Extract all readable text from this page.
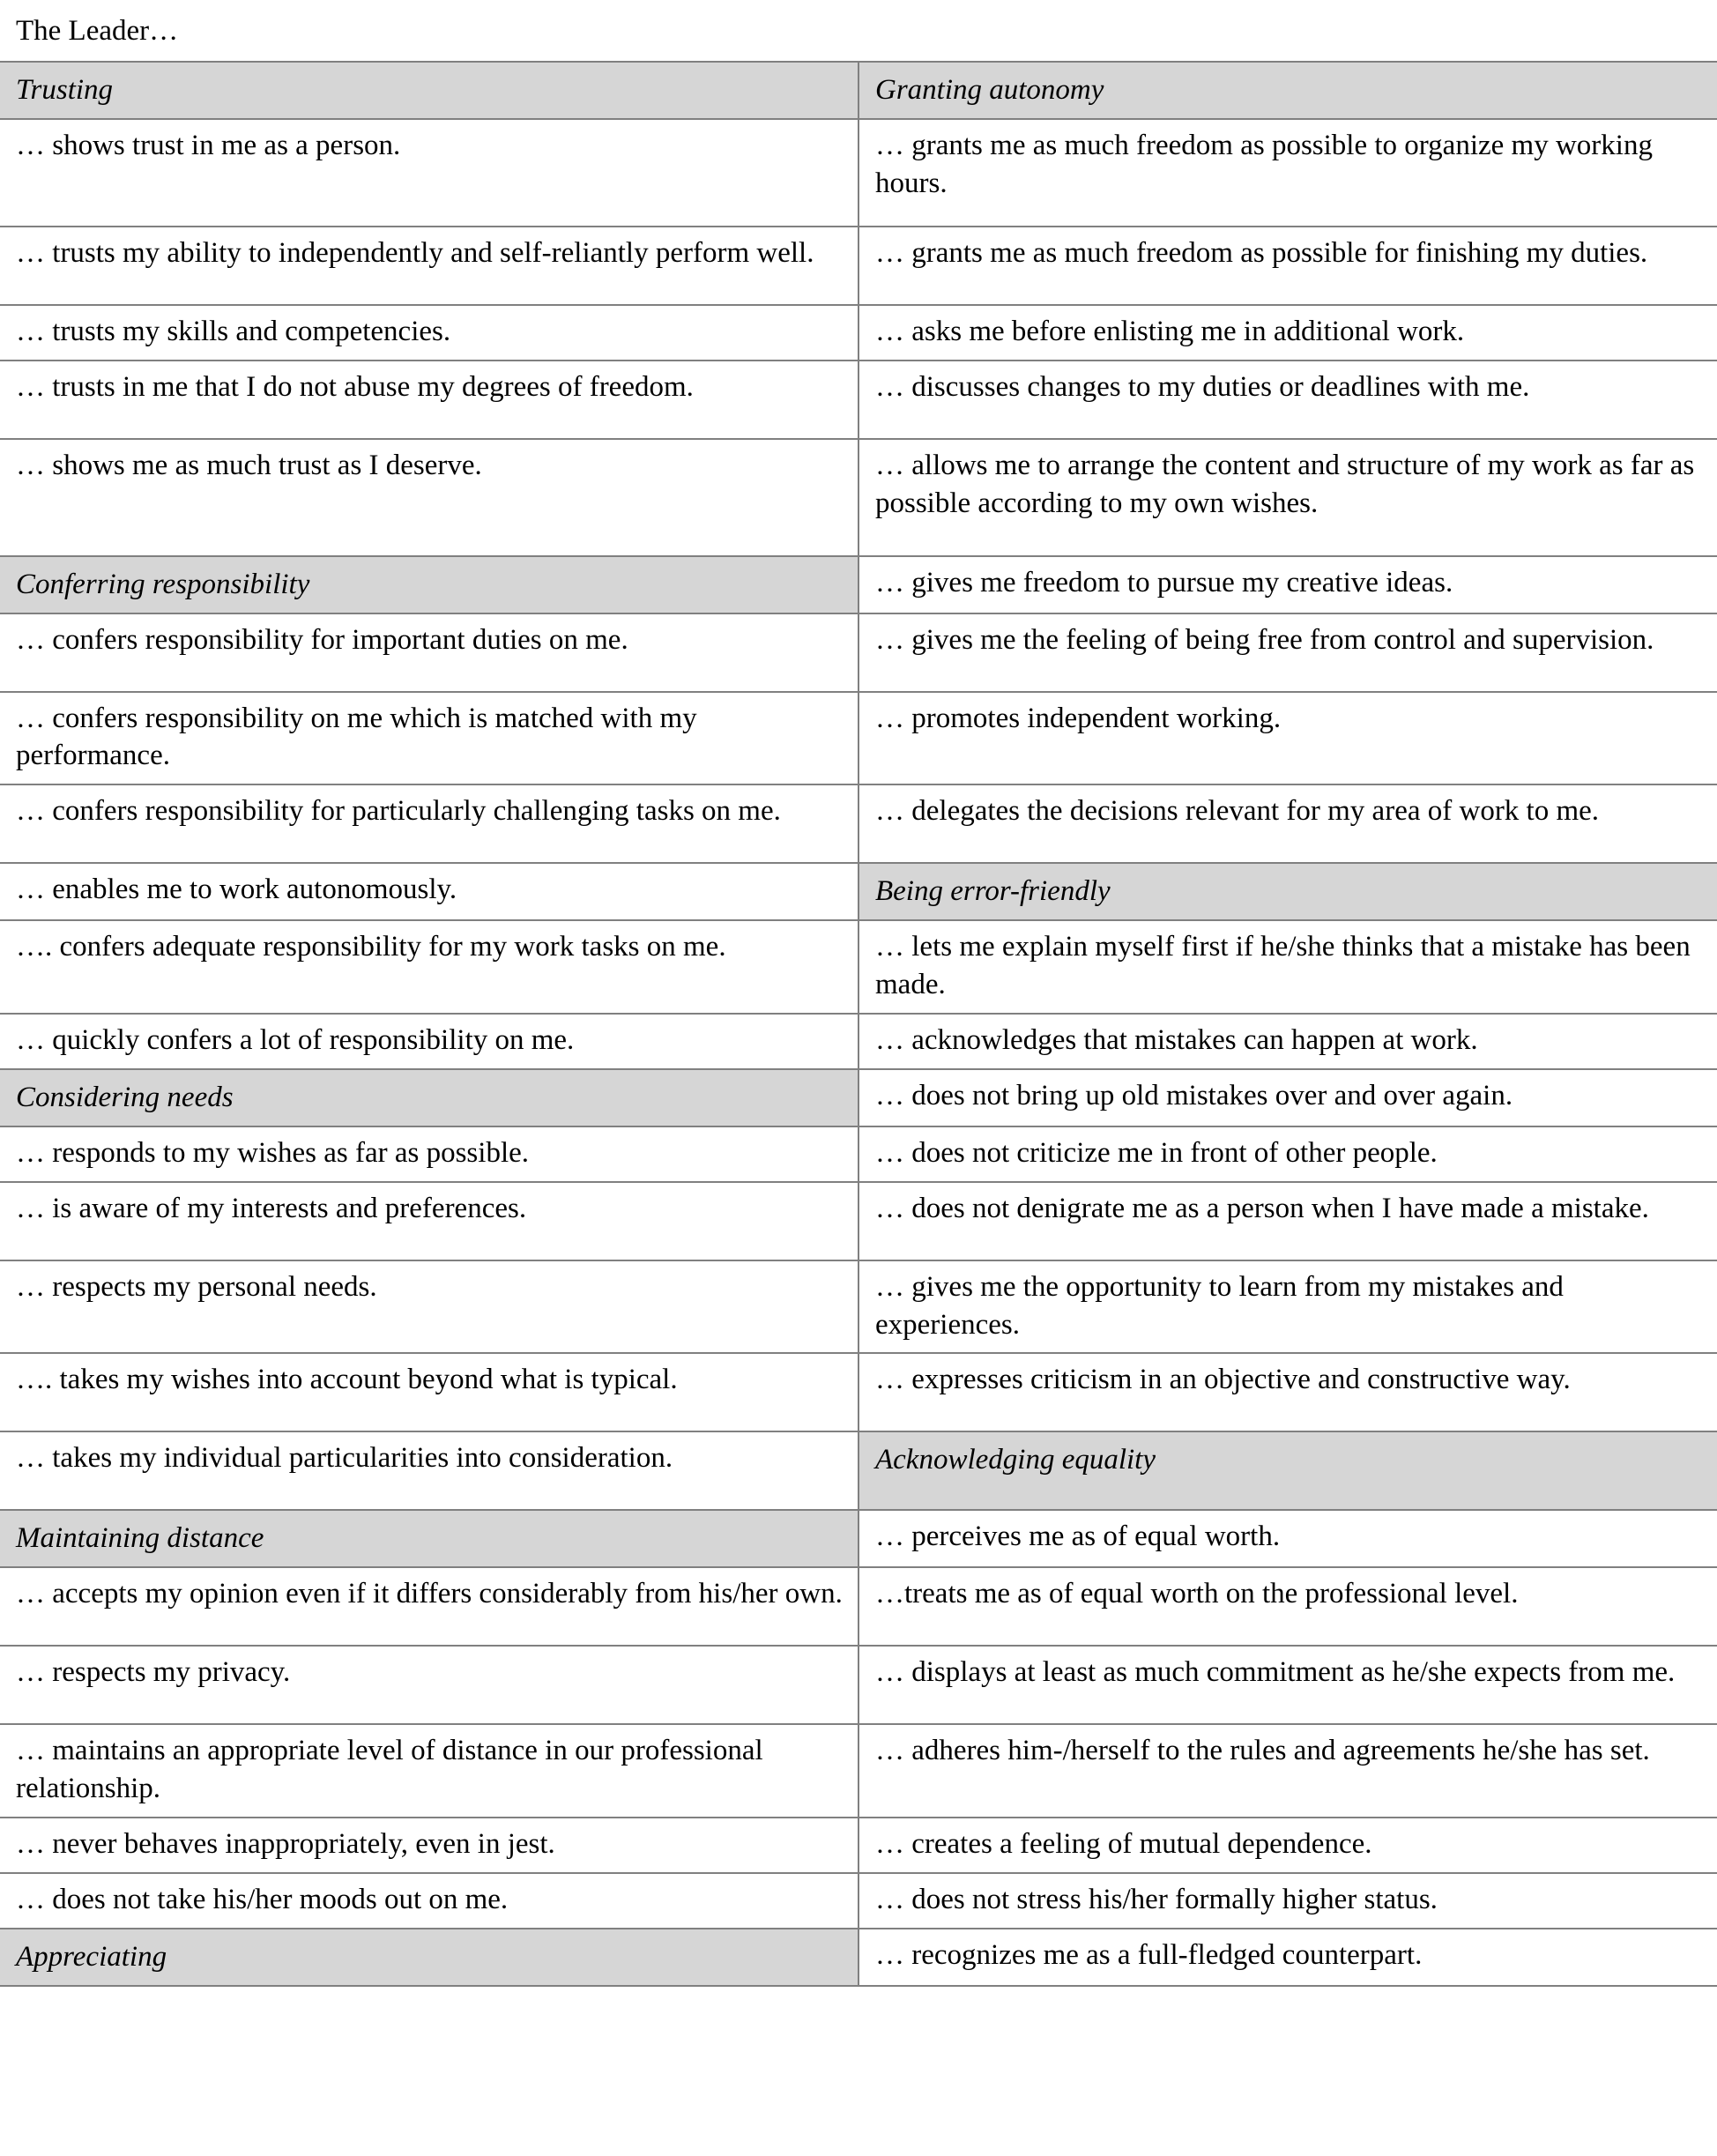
The Leader…	
Trusting	Granting autonomy
… shows trust in me as a person.	… grants me as much freedom as possible to organize my working hours.

… trusts my ability to independently and self-reliantly perform well.	… grants me as much freedom as possible for finishing my duties.
… trusts my skills and competencies.	… asks me before enlisting me in additional work.

… trusts in me that I do not abuse my degrees of freedom.	… discusses changes to my duties or deadlines with me.
… shows me as much trust as I deserve.	… allows me to arrange the content and structure of my work as far as possible according to my own wishes.
Conferring responsibility	… gives me freedom to pursue my creative ideas.
… confers responsibility for important duties on me.	… gives me the feeling of being free from control and supervision.
… confers responsibility on me which is matched with my performance.	… promotes independent working.
… confers responsibility for particularly challenging tasks on me.	… delegates the decisions relevant for my area of work to me.
… enables me to work autonomously.	Being error-friendly
…. confers adequate responsibility for my work tasks on me.	… lets me explain myself first if he/she thinks that a mistake has been made.
… quickly confers a lot of responsibility on me.	… acknowledges that mistakes can happen at work.
Considering needs	… does not bring up old mistakes over and over again.
… responds to my wishes as far as possible.	… does not criticize me in front of other people.
… is aware of my interests and preferences.	… does not denigrate me as a person when I have made a mistake.
… respects my personal needs.	… gives me the opportunity to learn from my mistakes and experiences.
…. takes my wishes into account beyond what is typical.	… expresses criticism in an objective and constructive way.
… takes my individual particularities into consideration.	Acknowledging equality
Maintaining distance	… perceives me as of equal worth.
… accepts my opinion even if it differs considerably from his/her own.	…treats me as of equal worth on the professional level.
… respects my privacy.	… displays at least as much commitment as he/she expects from me.
… maintains an appropriate level of distance in our professional relationship.	… adheres him-/herself to the rules and agreements he/she has set.
… never behaves inappropriately, even in jest.	… creates a feeling of mutual dependence.
… does not take his/her moods out on me.	… does not stress his/her formally higher status.
Appreciating	… recognizes me as a full-fledged counterpart.
